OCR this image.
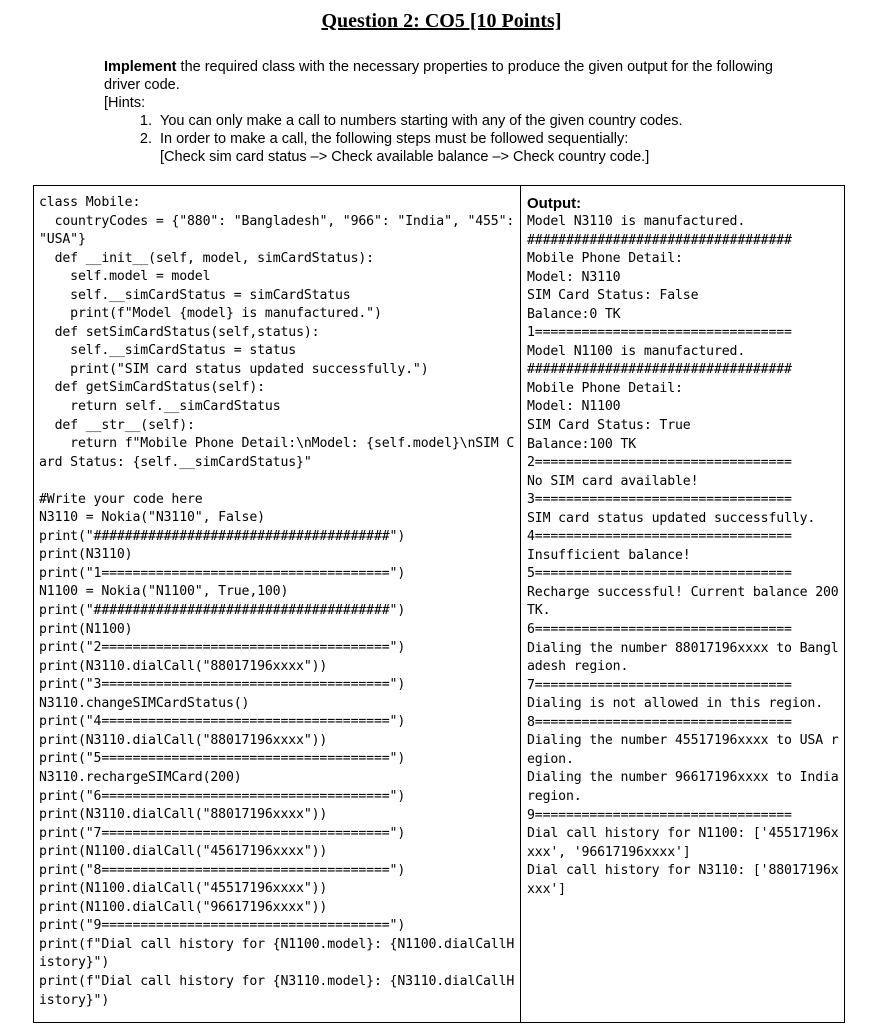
Question 2: CO5 [10 Points]
Implement the required class with the necessary properties to produce the given output for the following driver code.
[Hints:
1. You can only make a call to numbers starting with any of the given country codes.
2. In order to make a call, the following steps must be followed sequentially:
[Check sim card status –> Check available balance –> Check country code.]
class Mobile:
countryCodes = {"880": "Bangladesh", "966": "India", "455": "USA"}
def __init__(self, model, simCardStatus):
self.model = model
self.__simCardStatus = simCardStatus
print(f"Model {model} is manufactured.")
def setSimCardStatus(self,status):
self.__simCardStatus = status
print("SIM card status updated successfully.")
def getSimCardStatus(self):
return self.__simCardStatus
def __str__(self):
return f"Mobile Phone Detail:\nModel: {self.model}\nSIM Card Status: {self.__simCardStatus}"
#Write your code here
N3110 = Nokia("N3110", False)
print("######################################")
print(N3110)
print("1=====================================")
N1100 = Nokia("N1100", True,100)
print("######################################")
print(N1100)
print("2=====================================")
print(N3110.dialCall("88017196xxxx"))
print("3=====================================")
N3110.changeSIMCardStatus()
print("4=====================================")
print(N3110.dialCall("88017196xxxx"))
print("5=====================================")
N3110.rechargeSIMCard(200)
print("6=====================================")
print(N3110.dialCall("88017196xxxx"))
print("7=====================================")
print(N1100.dialCall("45617196xxxx"))
print("8=====================================")
print(N1100.dialCall("45517196xxxx"))
print(N1100.dialCall("96617196xxxx"))
print("9=====================================")
print(f"Dial call history for {N1100.model}: {N1100.dialCallHistory}")
print(f"Dial call history for {N3110.model}: {N3110.dialCallHistory}")
Output:
Model N3110 is manufactured.
##################################
Mobile Phone Detail:
Model: N3110
SIM Card Status: False
Balance:0 TK
1=================================
Model N1100 is manufactured.
##################################
Mobile Phone Detail:
Model: N1100
SIM Card Status: True
Balance:100 TK
2=================================
No SIM card available!
3=================================
SIM card status updated successfully.
4=================================
Insufficient balance!
5=================================
Recharge successful! Current balance 200 TK.
6=================================
Dialing the number 88017196xxxx to Bangladesh region.
7=================================
Dialing is not allowed in this region.
8=================================
Dialing the number 45517196xxxx to USA region.
Dialing the number 96617196xxxx to India region.
9=================================
Dial call history for N1100: ['45517196xxxx', '96617196xxxx']
Dial call history for N3110: ['88017196xxxx']
